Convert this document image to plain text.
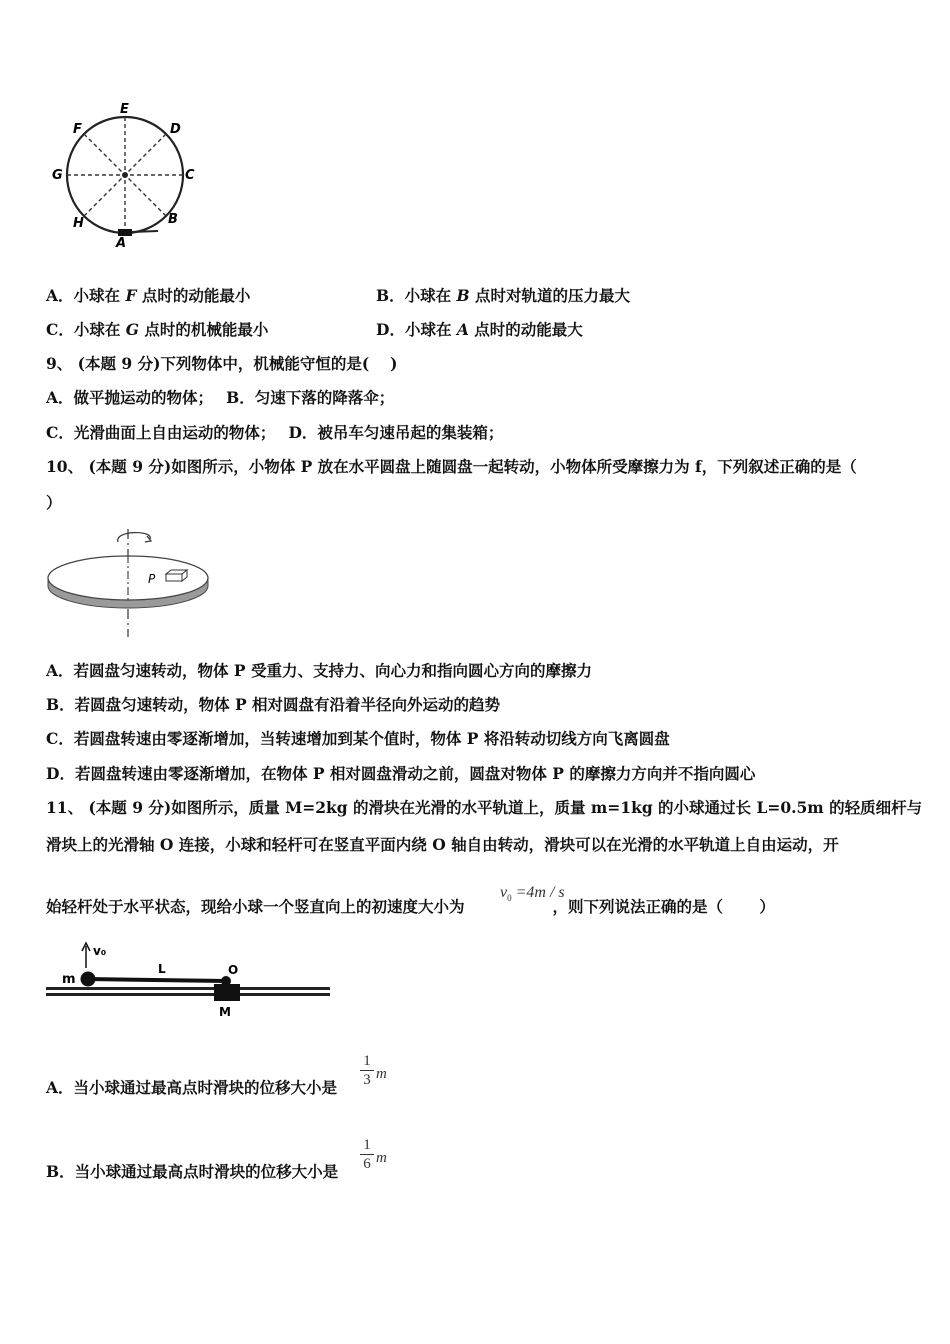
E
D
F
G	C
H	B
A
A．小球在 F 点时的动能最小	B．小球在 B 点时对轨道的压力最大
C．小球在 G 点时的机械能最小	D．小球在 A 点时的动能最大
9、 (本题 9 分)下列物体中，机械能守恒的是(　 )
A．做平抛运动的物体；　 B．匀速下落的降落伞；
C．光滑曲面上自由运动的物体；　 D．被吊车匀速吊起的集装箱；
10、 (本题 9 分)如图所示，小物体 P 放在水平圆盘上随圆盘一起转动，小物体所受摩擦力为 f，下列叙述正确的是（
）
P
A．若圆盘匀速转动，物体 P 受重力、支持力、向心力和指向圆心方向的摩擦力
B．若圆盘匀速转动，物体 P 相对圆盘有沿着半径向外运动的趋势
C．若圆盘转速由零逐渐增加，当转速增加到某个值时，物体 P 将沿转动切线方向飞离圆盘
D．若圆盘转速由零逐渐增加，在物体 P 相对圆盘滑动之前，圆盘对物体 P 的摩擦力方向并不指向圆心
11、 (本题 9 分)如图所示，质量 M=2kg 的滑块在光滑的水平轨道上，质量 m=1kg 的小球通过长 L=0.5m 的轻质细杆与
滑块上的光滑轴 O 连接，小球和轻杆可在竖直平面内绕 O 轴自由转动，滑块可以在光滑的水平轨道上自由运动，开
始轻杆处于水平状态，现给小球一个竖直向上的初速度大小为	，则下列说法正确的是（　　 ）
$v_0 =4m / s$
v₀
m
L	O
M
A．当小球通过最高点时滑块的位移大小是 $\frac{1}{3}$ m
B．当小球通过最高点时滑块的位移大小是 $\frac{1}{6}$ m
